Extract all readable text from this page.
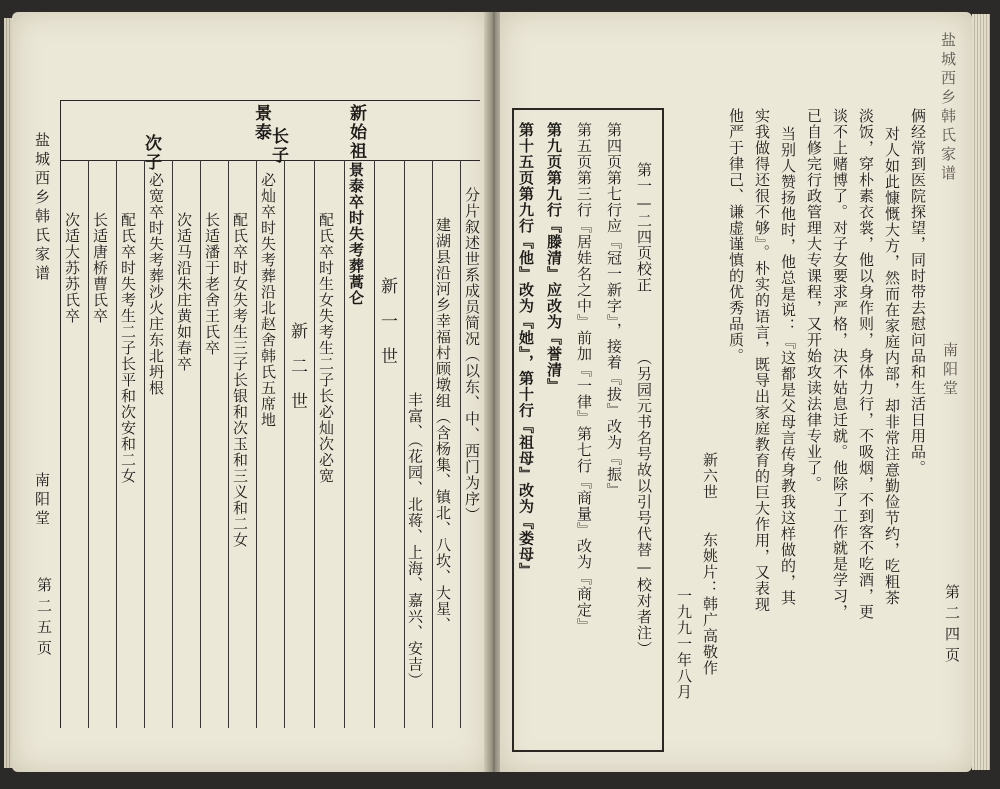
盐城西乡韩氏家谱
南阳堂
第二五页
新始祖
景泰
长子
次子
分片叙述世系成员简况（以东、中、西门为序）
建湖县沿河乡幸福村顾墩组（含杨集、镇北、八坎、大星、
丰富、（花园、北蒋、上海、嘉兴、安吉）
新一世
景泰卒时失考葬蒿仑
配氏卒时生女失考生二子长必灿次必宽
新二世
必灿卒时失考葬沿北赵舍韩氏五席地
配氏卒时女失考生三子长银和次玉和三义和二女
长适潘于老舍王氏卒
次适马沿朱庄黄如春卒
必宽卒时失考葬沙火庄东北坍根
配氏卒时失考生二子长平和次安和二女
长适唐桥曹氏卒
次适大苏苏氏卒
盐城西乡韩氏家谱
南阳堂
第二四页
俩经常到医院探望，同时带去慰问品和生活日用品。
对人如此慷慨大方，然而在家庭内部，却非常注意勤俭节约，吃粗茶
淡饭，穿朴素衣裳，他以身作则，身体力行，不吸烟，不到客不吃酒，更
谈不上赌博了。对子女要求严格，决不姑息迁就。他除了工作就是学习，
已自修完行政管理大专课程，又开始攻读法律专业了。
当别人赞扬他时，他总是说：『这都是父母言传身教我这样做的，其
实我做得还很不够』。朴实的语言，既导出家庭教育的巨大作用，又表现
他严于律己、谦虚谨慎的优秀品质。
新六世
东姚片：韩广高敬作
一九九一年八月
第一—二四页校正
（另园元书名号故以引号代替—校对者注）
第四页第七行应『冠一新字』，接着『拔』改为『振』
第五页第三行『居娃名之中』前加『一律』第七行『商量』改为『商定』
第九页第九行『滕清』应改为『誉清』
第十五页第九行『他』改为『她』，第十行『祖母』改为『娄母』
